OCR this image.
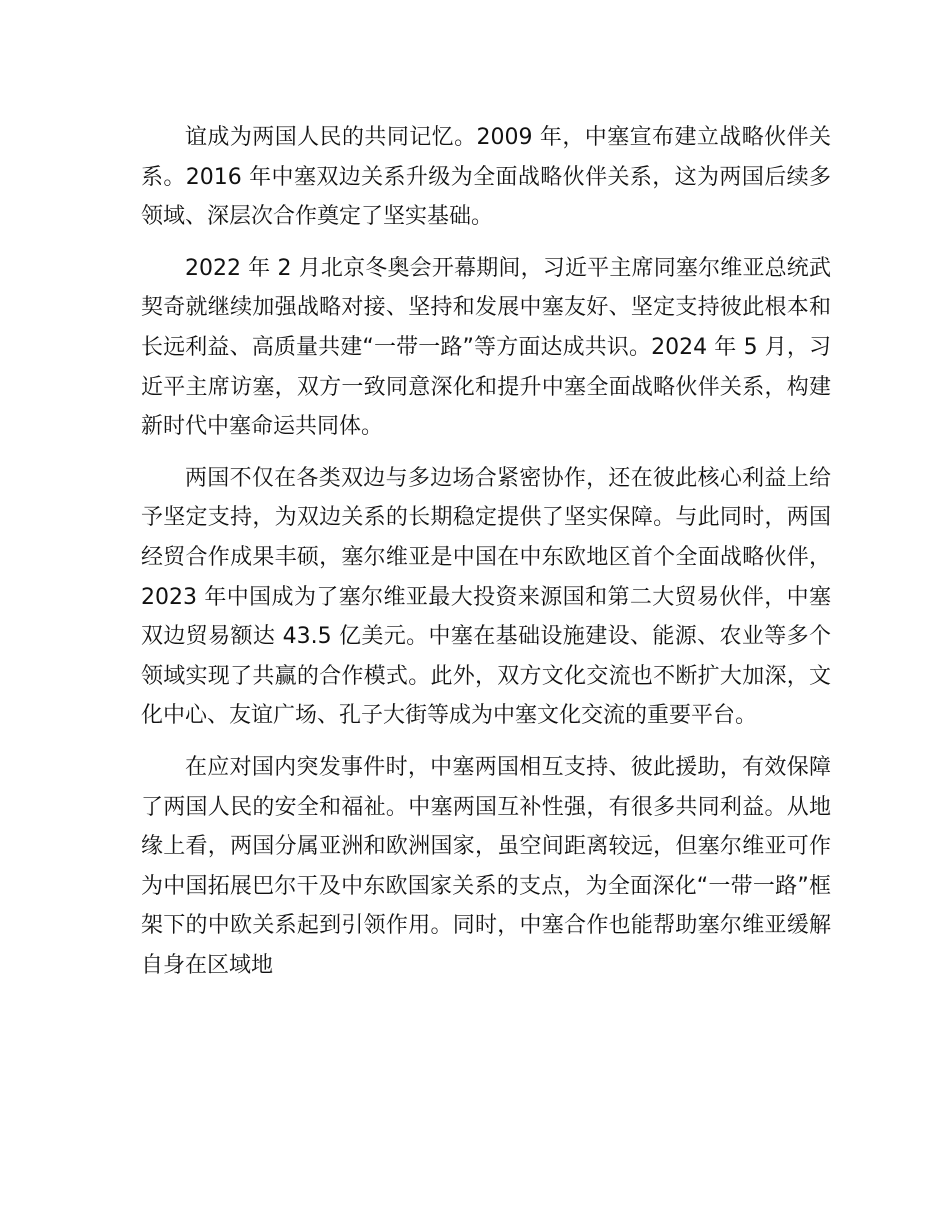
谊成为两国人民的共同记忆。2009 年，中塞宣布建立战略伙伴关系。2016 年中塞双边关系升级为全面战略伙伴关系，这为两国后续多领域、深层次合作奠定了坚实基础。

2022 年 2 月北京冬奥会开幕期间，习近平主席同塞尔维亚总统武契奇就继续加强战略对接、坚持和发展中塞友好、坚定支持彼此根本和长远利益、高质量共建“一带一路”等方面达成共识。2024 年 5 月，习近平主席访塞，双方一致同意深化和提升中塞全面战略伙伴关系，构建新时代中塞命运共同体。

两国不仅在各类双边与多边场合紧密协作，还在彼此核心利益上给予坚定支持，为双边关系的长期稳定提供了坚实保障。与此同时，两国经贸合作成果丰硕，塞尔维亚是中国在中东欧地区首个全面战略伙伴，2023 年中国成为了塞尔维亚最大投资来源国和第二大贸易伙伴，中塞双边贸易额达 43.5 亿美元。中塞在基础设施建设、能源、农业等多个领域实现了共赢的合作模式。此外，双方文化交流也不断扩大加深，文化中心、友谊广场、孔子大街等成为中塞文化交流的重要平台。

在应对国内突发事件时，中塞两国相互支持、彼此援助，有效保障了两国人民的安全和福祉。中塞两国互补性强，有很多共同利益。从地缘上看，两国分属亚洲和欧洲国家，虽空间距离较远，但塞尔维亚可作为中国拓展巴尔干及中东欧国家关系的支点，为全面深化“一带一路”框架下的中欧关系起到引领作用。同时，中塞合作也能帮助塞尔维亚缓解自身在区域地
